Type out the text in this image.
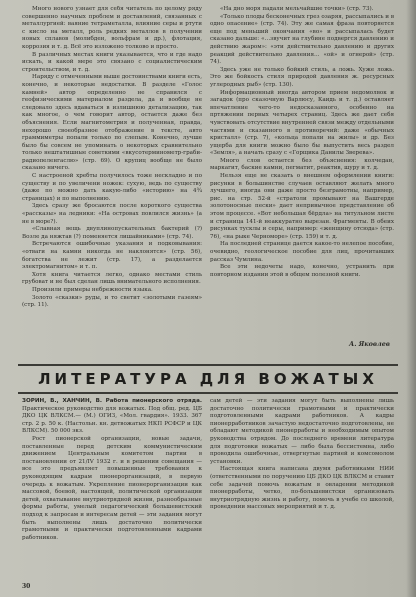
Много нового узнает для себя читатель по целому ряду совершенно научных проблем и доставлений, связанных с металлургией: ваяние тетраметалла, влияние серы и ртути с кисло на металл, роль редких металлов в получении новых сплавов (молибден, вольфрам и др.), флотация, коррозия и т. д. Всё это изложено толково и просто.

В различных местах книги указывается, что и где надо искать, и какой мере это связано с социалистическим строительством, и т. д.

Наряду с отмеченными выше достоинствами книги есть, конечно, и некоторые недостатки. В разделе «Голос камней» автор определенно не справился с геофизическими материалом раздела, да и вообще не следовало здесь вдаваться в излишнюю детализацию, так как многое, о чем говорит автор, остается даже без объяснения. Если магнитометрия и полученная, правда, нехорошо своеобразное отображение в тексте, авто граммиметры попали только по слепым. Конечно, лучше было бы совсем не упоминать о некоторых сравнительно только нештатишные советкими «вкусотерминометр-граби-радиопеленгаслю» (стр. 69). О крупиц вообще не было сказано ничего.

С настроеной хребты получилось тоже нескладно и по существу и по увеличени ножек: сухую, ведь по существу (даже по можно дать какую-либо «историю» на 4¾ страницах) и по выполнению.

Здесь сразу же бросаются после короткого существа «рассказы» на ледники: «На островах повлился жизнь» (а не в море?).

«Славная вещь двуплинопускательных бактерий (?) Возле да няжтав (?) поменяется лишайниками» (стр. 74).

Встречаются ошибочные указания и подковывания: «отваги на камни никогда не наклонятся» (стр. 56), богатства не лежит (стр. 17), а разделается электромагнитом» и т. п.

Хотя книга читается легко, однако местами стиль грубоват и не был сделан лишь внимательного исполнения.

Произили примеры небрежности языка.

Золото «сказки» руды, и то светит «золотыми газеям» (стр. 11).

«На дно моря падали мельчайшие точки» (стр. 73).

«Только плоды бесконечных грез озаряя, рассыпались и в одно опасение» (стр. 74). Эту же самая фраза повторяется еще под меньший окончания «во» и рассыпалась будет сказано дальше: «…звучит на глубине подвергся давлению и действию жаром»: «эти действительно давлению и других реакций действительно давления… «ой» и огнерой» (стр. 74).

Здесь уже не только бойкий стиль, а ложь. Хуже ложь. Это же бойкость стиля природой давления ж. ресурсных углеродных рыб» (стр. 130).

Информационный иногда автором прием недомолвок и загадок (про сказочную Варлюсу, Каидь и т. д.) оставляет впечатление чего-то недосказанного, особенно на пртяжении первых четырех страниц. Здесь же дает себя чувствовать отсутствие внутренней связи между отдельными частями и сказанного в противоречий: даже «обычных кристалл» (стр. 7), «кольца попали на жилы» и др. Без ущерба для книги можно было бы выпустить весь раздел «Земля», а начать сразу с «Горщика Данилы Зверева».

Много слов остается без объяснения: колчедан, маркагит, баские камни, пегматит, реактив, шуру и т. д.

Нельзя еще не сказать о внешнем оформлении книги: рисунки в большинстве случаев оставляют желать много лучшего, иногда они даже просто безграмотны, например, рис. на стр. 52-й «стратоли промывают на Вашгерде золотоносные пески» дает непривычное представление об этом процессе. «Вот небольшая бёрдла» на титульном листе и страница 141-й неаккуратно вырезан. Фрагменты. В обеих рисунках тусклы и серы, например: «женщину отсюда» (стр. 76), «на рыке Черноморе» (стр. 159) и т. д.

На последней странице дается какое-то нелепое пособие, очевидно, геологическое пособие для лиц, прочитавших рассказ Чумлина.

Все эти недочеты надо, конечно, устранить при повторном издании этой в общем полезной книги.

А. Яковлев
ЛИТЕРАТУРА ДЛЯ ВОЖАТЫХ

ЗОРИН, В., ХАНЧИН, В. Работа пионерского отряда. Практическое руководство для вожатых. Под общ. ред. ЦБ ДКО ЦК ВЛКСМ.— (М.) ОГИЗ, «Мол. гвардия». 1933. 367 стр. 2 р. 50 к. (Настольн. кн. детвожатых НКП РСФСР и ЦК ВЛКСМ). 50 000 экз.

Рост пионерской организации, новые задачи, поставленные перед детским коммунистическим движением Центральным комитетом партии в постановлении от 21/IV 1932 г. и в решении совещания — все это предъявляет повышенные требования к руководящим кадрам пионерорганизаций, в первую очередь к вожатым. Укрепление пионерорганизации как массовой, боевой, настоящей, политической организации детей, охватывание внутриотрядной жизни, разнообразные формы работы, умелый педагогический большевистский подход к запросам и интересам детей — эти задания могут быть выполнены лишь достаточно политически грамотными и практически подготовленными кадрами работников.

сам детей — эти задания могут быть выполнены лишь достаточно политически грамотными и практически подготовленными кадрами работников. А кадры пионерработников зачастую недостаточно подготовлены, не обладают методикой пионерработы и необходимым опытом руководства отрядом. До последнего времени литература для подготовки вожатых — либо была бессистемна, либо проводила ошибочные, отвергнутые партией и комсомолом установки.

Настоящая книга написана двумя работниками НИИ (ответственными по поручению ЦБ ДКО ЦК ВЛКСМ и ставит себе задачей помочь вожатым в овладении методикой пионерработы, четко, по-большевистски организовать внутриотрядную жизнь и работу, помочь в учебе со школой, проведении массовых мероприятий и т. д.

30
